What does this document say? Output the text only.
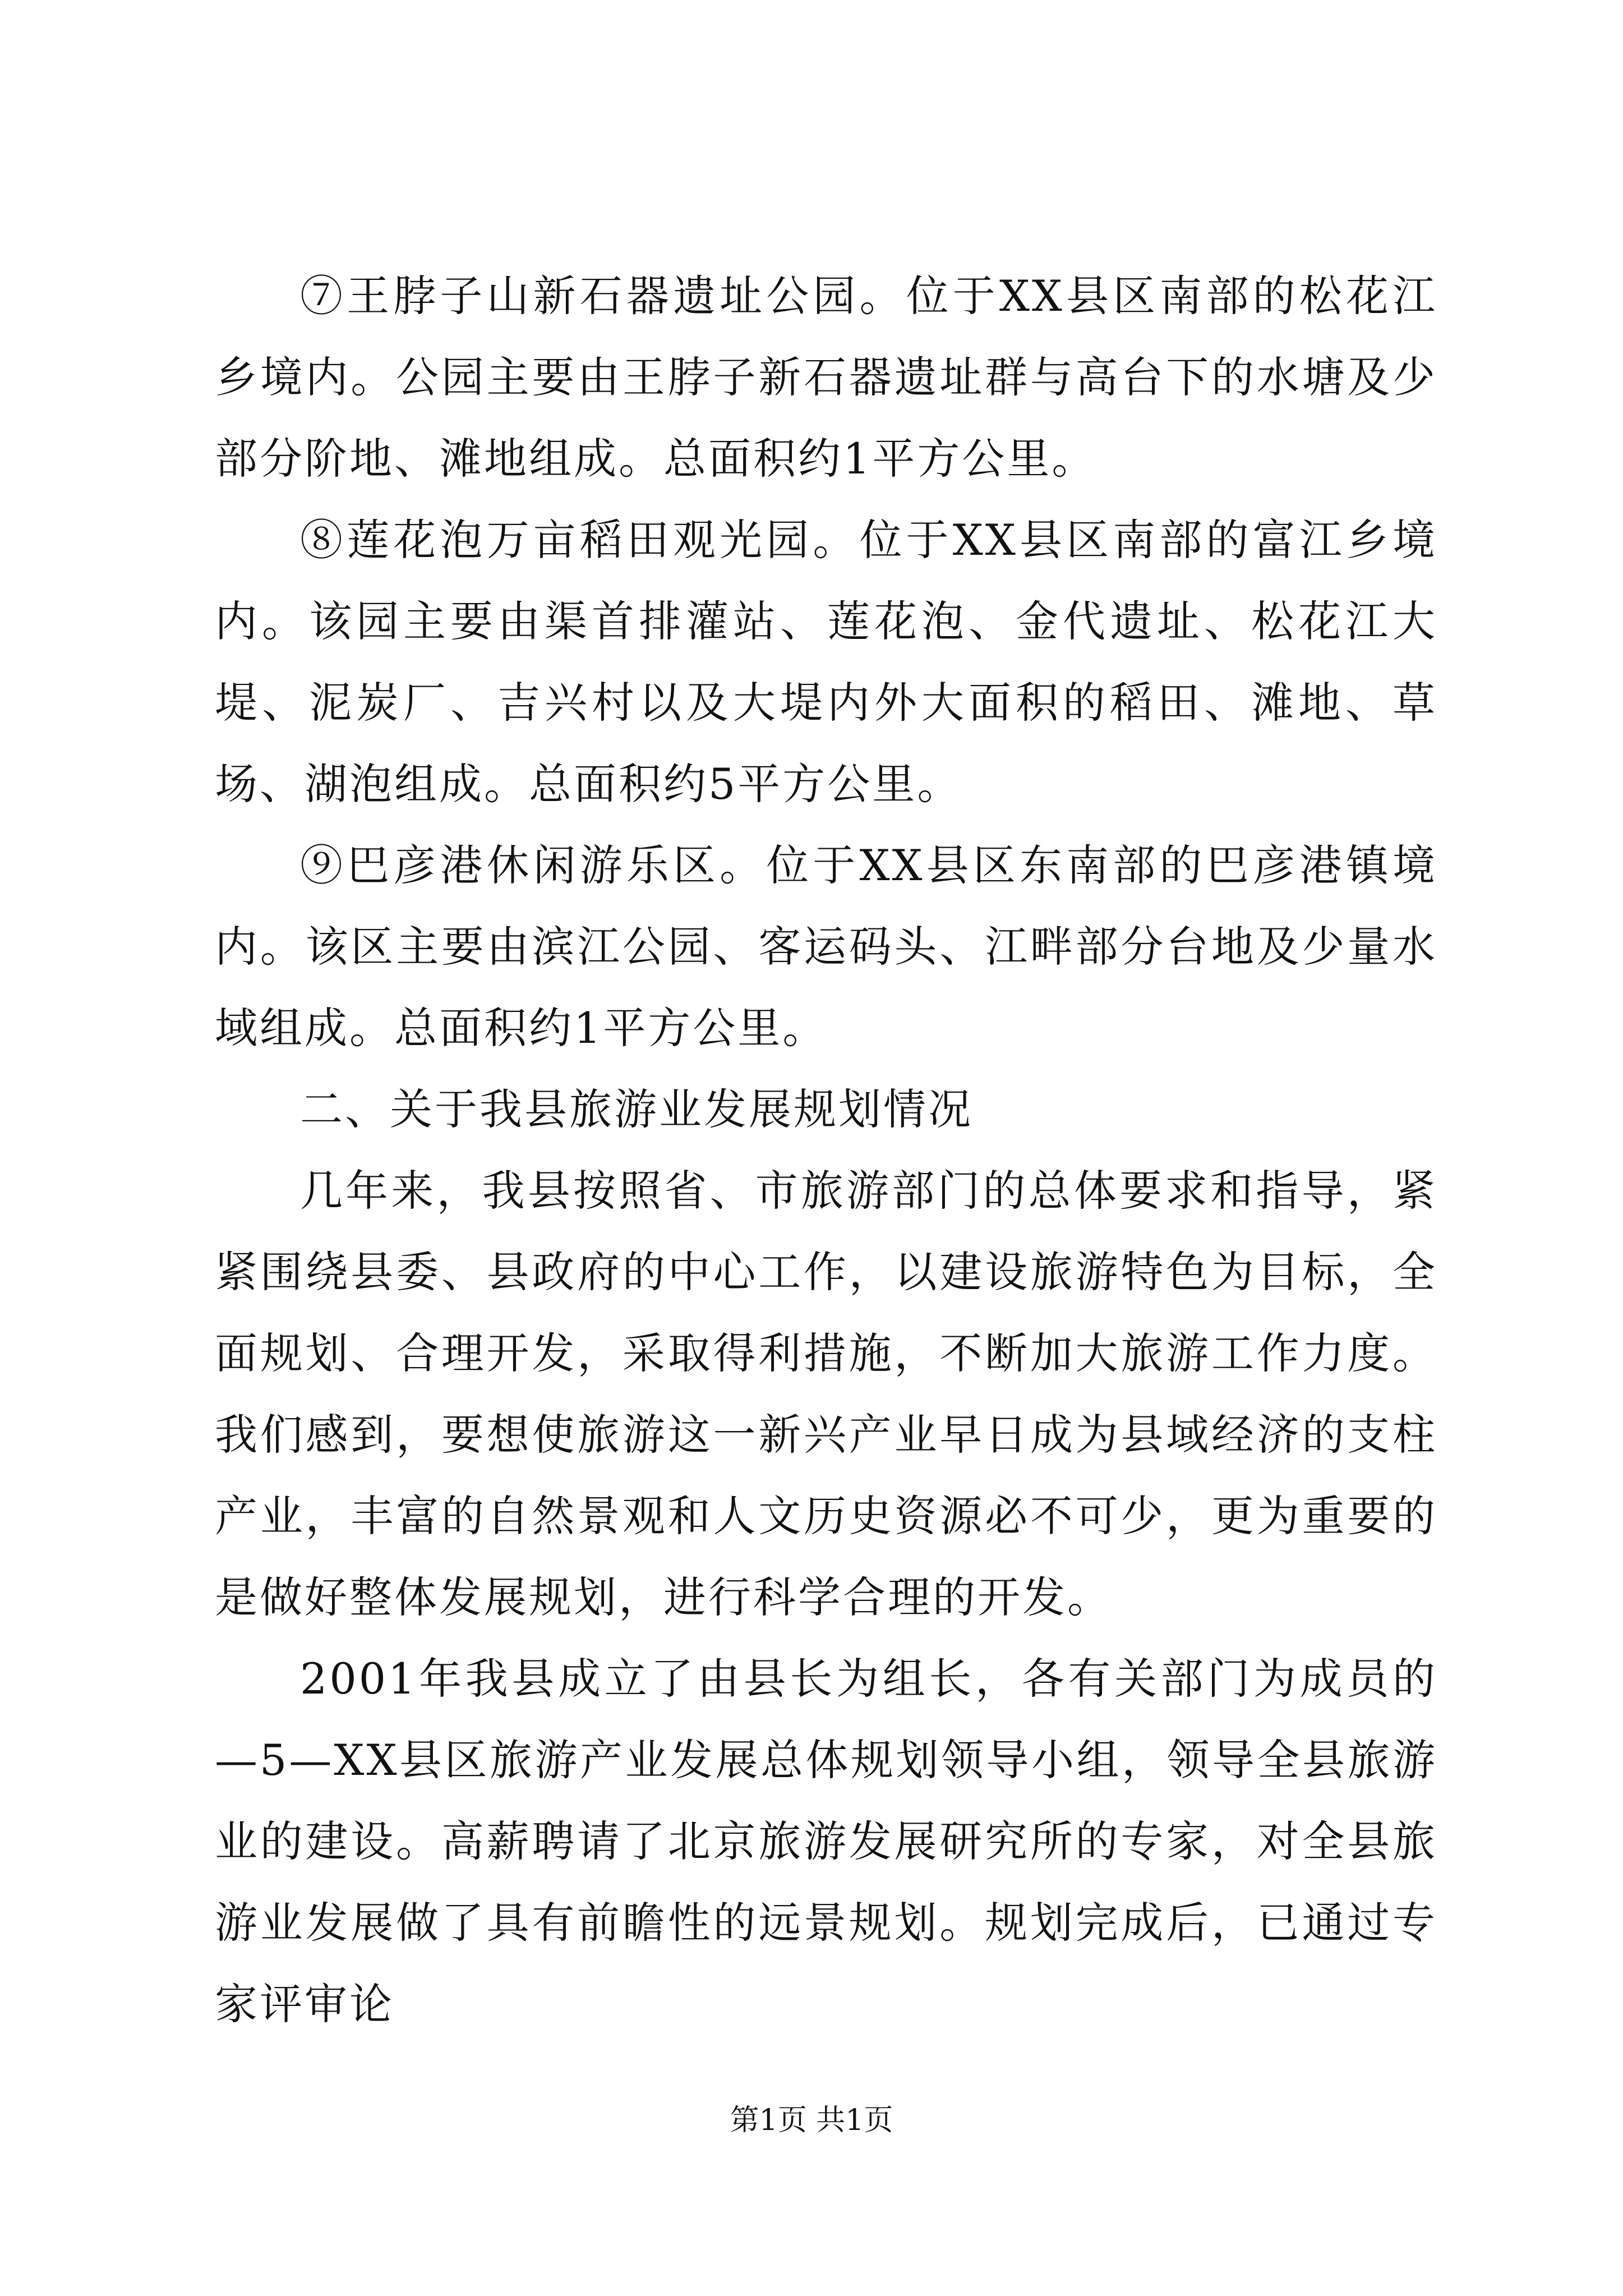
⑦王脖子山新石器遗址公园。位于XX县区南部的松花江乡境内。公园主要由王脖子新石器遗址群与高台下的水塘及少部分阶地、滩地组成。总面积约1平方公里。

⑧莲花泡万亩稻田观光园。位于XX县区南部的富江乡境内。该园主要由渠首排灌站、莲花泡、金代遗址、松花江大堤、泥炭厂、吉兴村以及大堤内外大面积的稻田、滩地、草场、湖泡组成。总面积约5平方公里。

⑨巴彦港休闲游乐区。位于XX县区东南部的巴彦港镇境内。该区主要由滨江公园、客运码头、江畔部分台地及少量水域组成。总面积约1平方公里。

二、关于我县旅游业发展规划情况

几年来，我县按照省、市旅游部门的总体要求和指导，紧紧围绕县委、县政府的中心工作，以建设旅游特色为目标，全面规划、合理开发，采取得利措施，不断加大旅游工作力度。我们感到，要想使旅游这一新兴产业早日成为县域经济的支柱产业，丰富的自然景观和人文历史资源必不可少，更为重要的是做好整体发展规划，进行科学合理的开发。

2001年我县成立了由县长为组长，各有关部门为成员的—5—XX县区旅游产业发展总体规划领导小组，领导全县旅游业的建设。高薪聘请了北京旅游发展研究所的专家，对全县旅游业发展做了具有前瞻性的远景规划。规划完成后，已通过专家评审论

第1页 共1页
